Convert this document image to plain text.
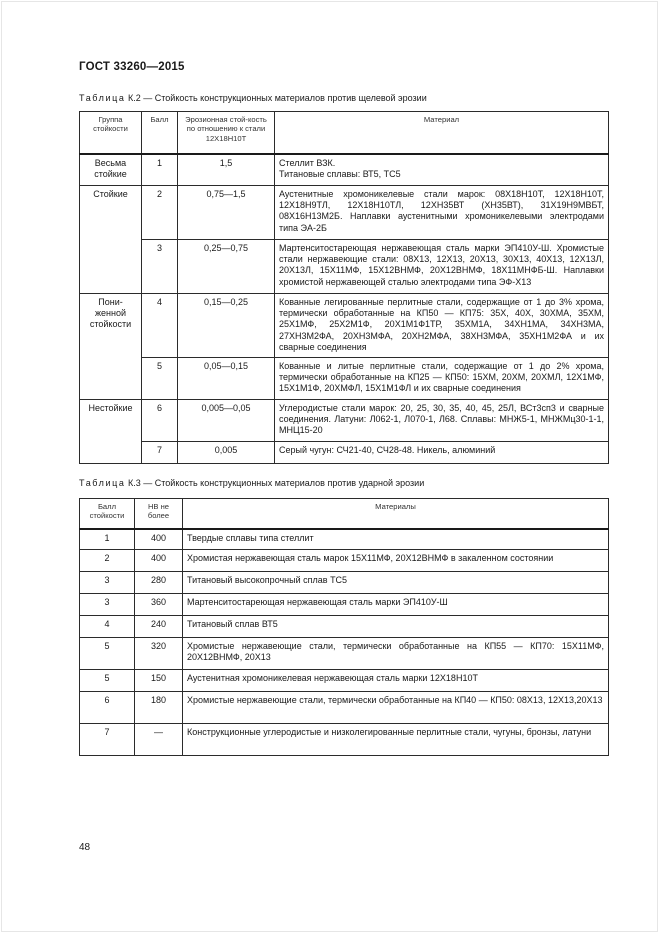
ГОСТ 33260—2015
Таблица К.2 — Стойкость конструкционных материалов против щелевой эрозии
Группа стойкости	Балл	Эрозионная стой-кость по отношению к стали 12Х18Н10Т	Материал
Весьма стойкие	1	1,5	Стеллит ВЗК.
Титановые сплавы: ВТ5, ТС5
Стойкие	2	0,75—1,5	Аустенитные хромоникелевые стали марок: 08Х18Н10Т, 12Х18Н10Т, 12Х18Н9ТЛ, 12Х18Н10ТЛ, 12ХН35ВТ (ХН35ВТ), 31Х19Н9МВБТ, 08Х16Н13М2Б. Наплавки аустенитными хромоникелевыми электродами типа ЭА-2Б
	3	0,25—0,75	Мартенситостареющая нержавеющая сталь марки ЭП410У-Ш. Хромистые стали нержавеющие стали: 08Х13, 12Х13, 20Х13, 30Х13, 40Х13, 12Х13Л, 20Х13Л, 15Х11МФ, 15Х12ВНМФ, 20Х12ВНМФ, 18Х11МНФБ-Ш. Наплавки хромистой нержавеющей сталью электродами типа ЭФ-Х13
Пони-женной стойкости	4	0,15—0,25	Кованные легированные перлитные стали, содержащие от 1 до 3% хрома, термически обработанные на КП50 — КП75: 35Х, 40Х, 30ХМА, 35ХМ, 25Х1МФ, 25Х2М1Ф, 20Х1М1Ф1ТР, 35ХМ1А, 34ХН1МА, 34ХН3МА, 27ХН3М2ФА, 20ХН3МФА, 20ХН2МФА, 38ХН3МФА, 35ХН1М2ФА и их сварные соединения
	5	0,05—0,15	Кованные и литые перлитные стали, содержащие от 1 до 2% хрома, термически обработанные на КП25 — КП50: 15ХМ, 20ХМ, 20ХМЛ, 12Х1МФ, 15Х1М1Ф, 20ХМФЛ, 15Х1М1ФЛ и их сварные соединения
Нестойкие	6	0,005—0,05	Углеродистые стали марок: 20, 25, 30, 35, 40, 45, 25Л, ВСт3сп3 и сварные соединения. Латуни: Л062-1, Л070-1, Л68. Сплавы: МНЖ5-1, МНЖМц30-1-1, МНЦ15-20
	7	0,005	Серый чугун: СЧ21-40, СЧ28-48. Никель, алюминий
Таблица К.3 — Стойкость конструкционных материалов против ударной эрозии
Балл стойкости	НВ не более	Материалы
1	400	Твердые сплавы типа стеллит
2	400	Хромистая нержавеющая сталь марок 15Х11МФ, 20Х12ВНМФ в закаленном состоянии
3	280	Титановый высокопрочный сплав ТС5
3	360	Мартенситостареющая нержавеющая сталь марки ЭП410У-Ш
4	240	Титановый сплав ВТ5
5	320	Хромистые нержавеющие стали, термически обработанные на КП55 — КП70: 15Х11МФ, 20Х12ВНМФ, 20Х13
5	150	Аустенитная хромоникелевая нержавеющая сталь марки 12Х18Н10Т
6	180	Хромистые нержавеющие стали, термически обработанные на КП40 — КП50: 08Х13, 12Х13,20Х13
7	—	Конструкционные углеродистые и низколегированные перлитные стали, чугуны, бронзы, латуни
48
